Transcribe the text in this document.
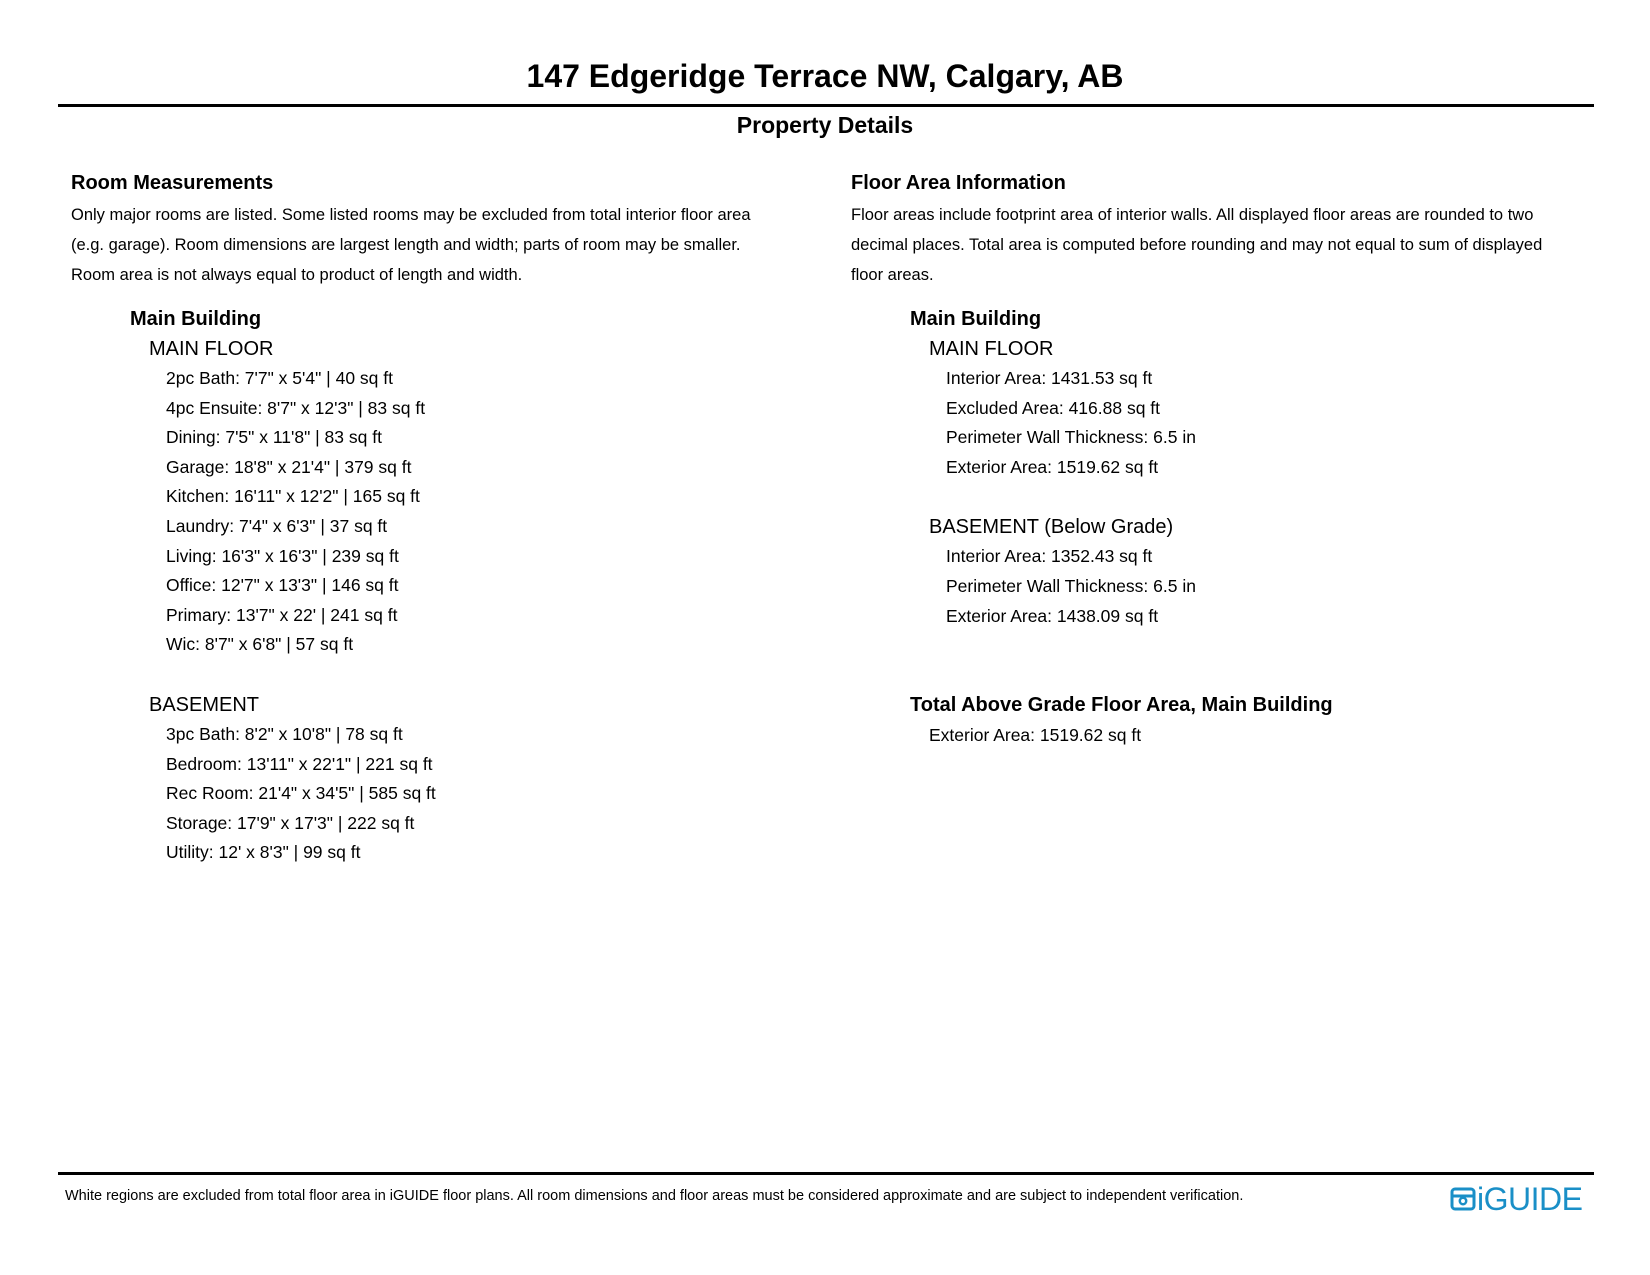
147 Edgeridge Terrace NW, Calgary, AB
Property Details
Room Measurements
Only major rooms are listed. Some listed rooms may be excluded from total interior floor area
(e.g. garage). Room dimensions are largest length and width; parts of room may be smaller.
Room area is not always equal to product of length and width.
Main Building
MAIN FLOOR
2pc Bath: 7'7" x 5'4" | 40 sq ft
4pc Ensuite: 8'7" x 12'3" | 83 sq ft
Dining: 7'5" x 11'8" | 83 sq ft
Garage: 18'8" x 21'4" | 379 sq ft
Kitchen: 16'11" x 12'2" | 165 sq ft
Laundry: 7'4" x 6'3" | 37 sq ft
Living: 16'3" x 16'3" | 239 sq ft
Office: 12'7" x 13'3" | 146 sq ft
Primary: 13'7" x 22' | 241 sq ft
Wic: 8'7" x 6'8" | 57 sq ft
BASEMENT
3pc Bath: 8'2" x 10'8" | 78 sq ft
Bedroom: 13'11" x 22'1" | 221 sq ft
Rec Room: 21'4" x 34'5" | 585 sq ft
Storage: 17'9" x 17'3" | 222 sq ft
Utility: 12' x 8'3" | 99 sq ft
Floor Area Information
Floor areas include footprint area of interior walls. All displayed floor areas are rounded to two
decimal places. Total area is computed before rounding and may not equal to sum of displayed
floor areas.
Main Building
MAIN FLOOR
Interior Area: 1431.53 sq ft
Excluded Area: 416.88 sq ft
Perimeter Wall Thickness: 6.5 in
Exterior Area: 1519.62 sq ft
BASEMENT (Below Grade)
Interior Area: 1352.43 sq ft
Perimeter Wall Thickness: 6.5 in
Exterior Area: 1438.09 sq ft
Total Above Grade Floor Area, Main Building
Exterior Area: 1519.62 sq ft
White regions are excluded from total floor area in iGUIDE floor plans. All room dimensions and floor areas must be considered approximate and are subject to independent verification.	iGUIDE
